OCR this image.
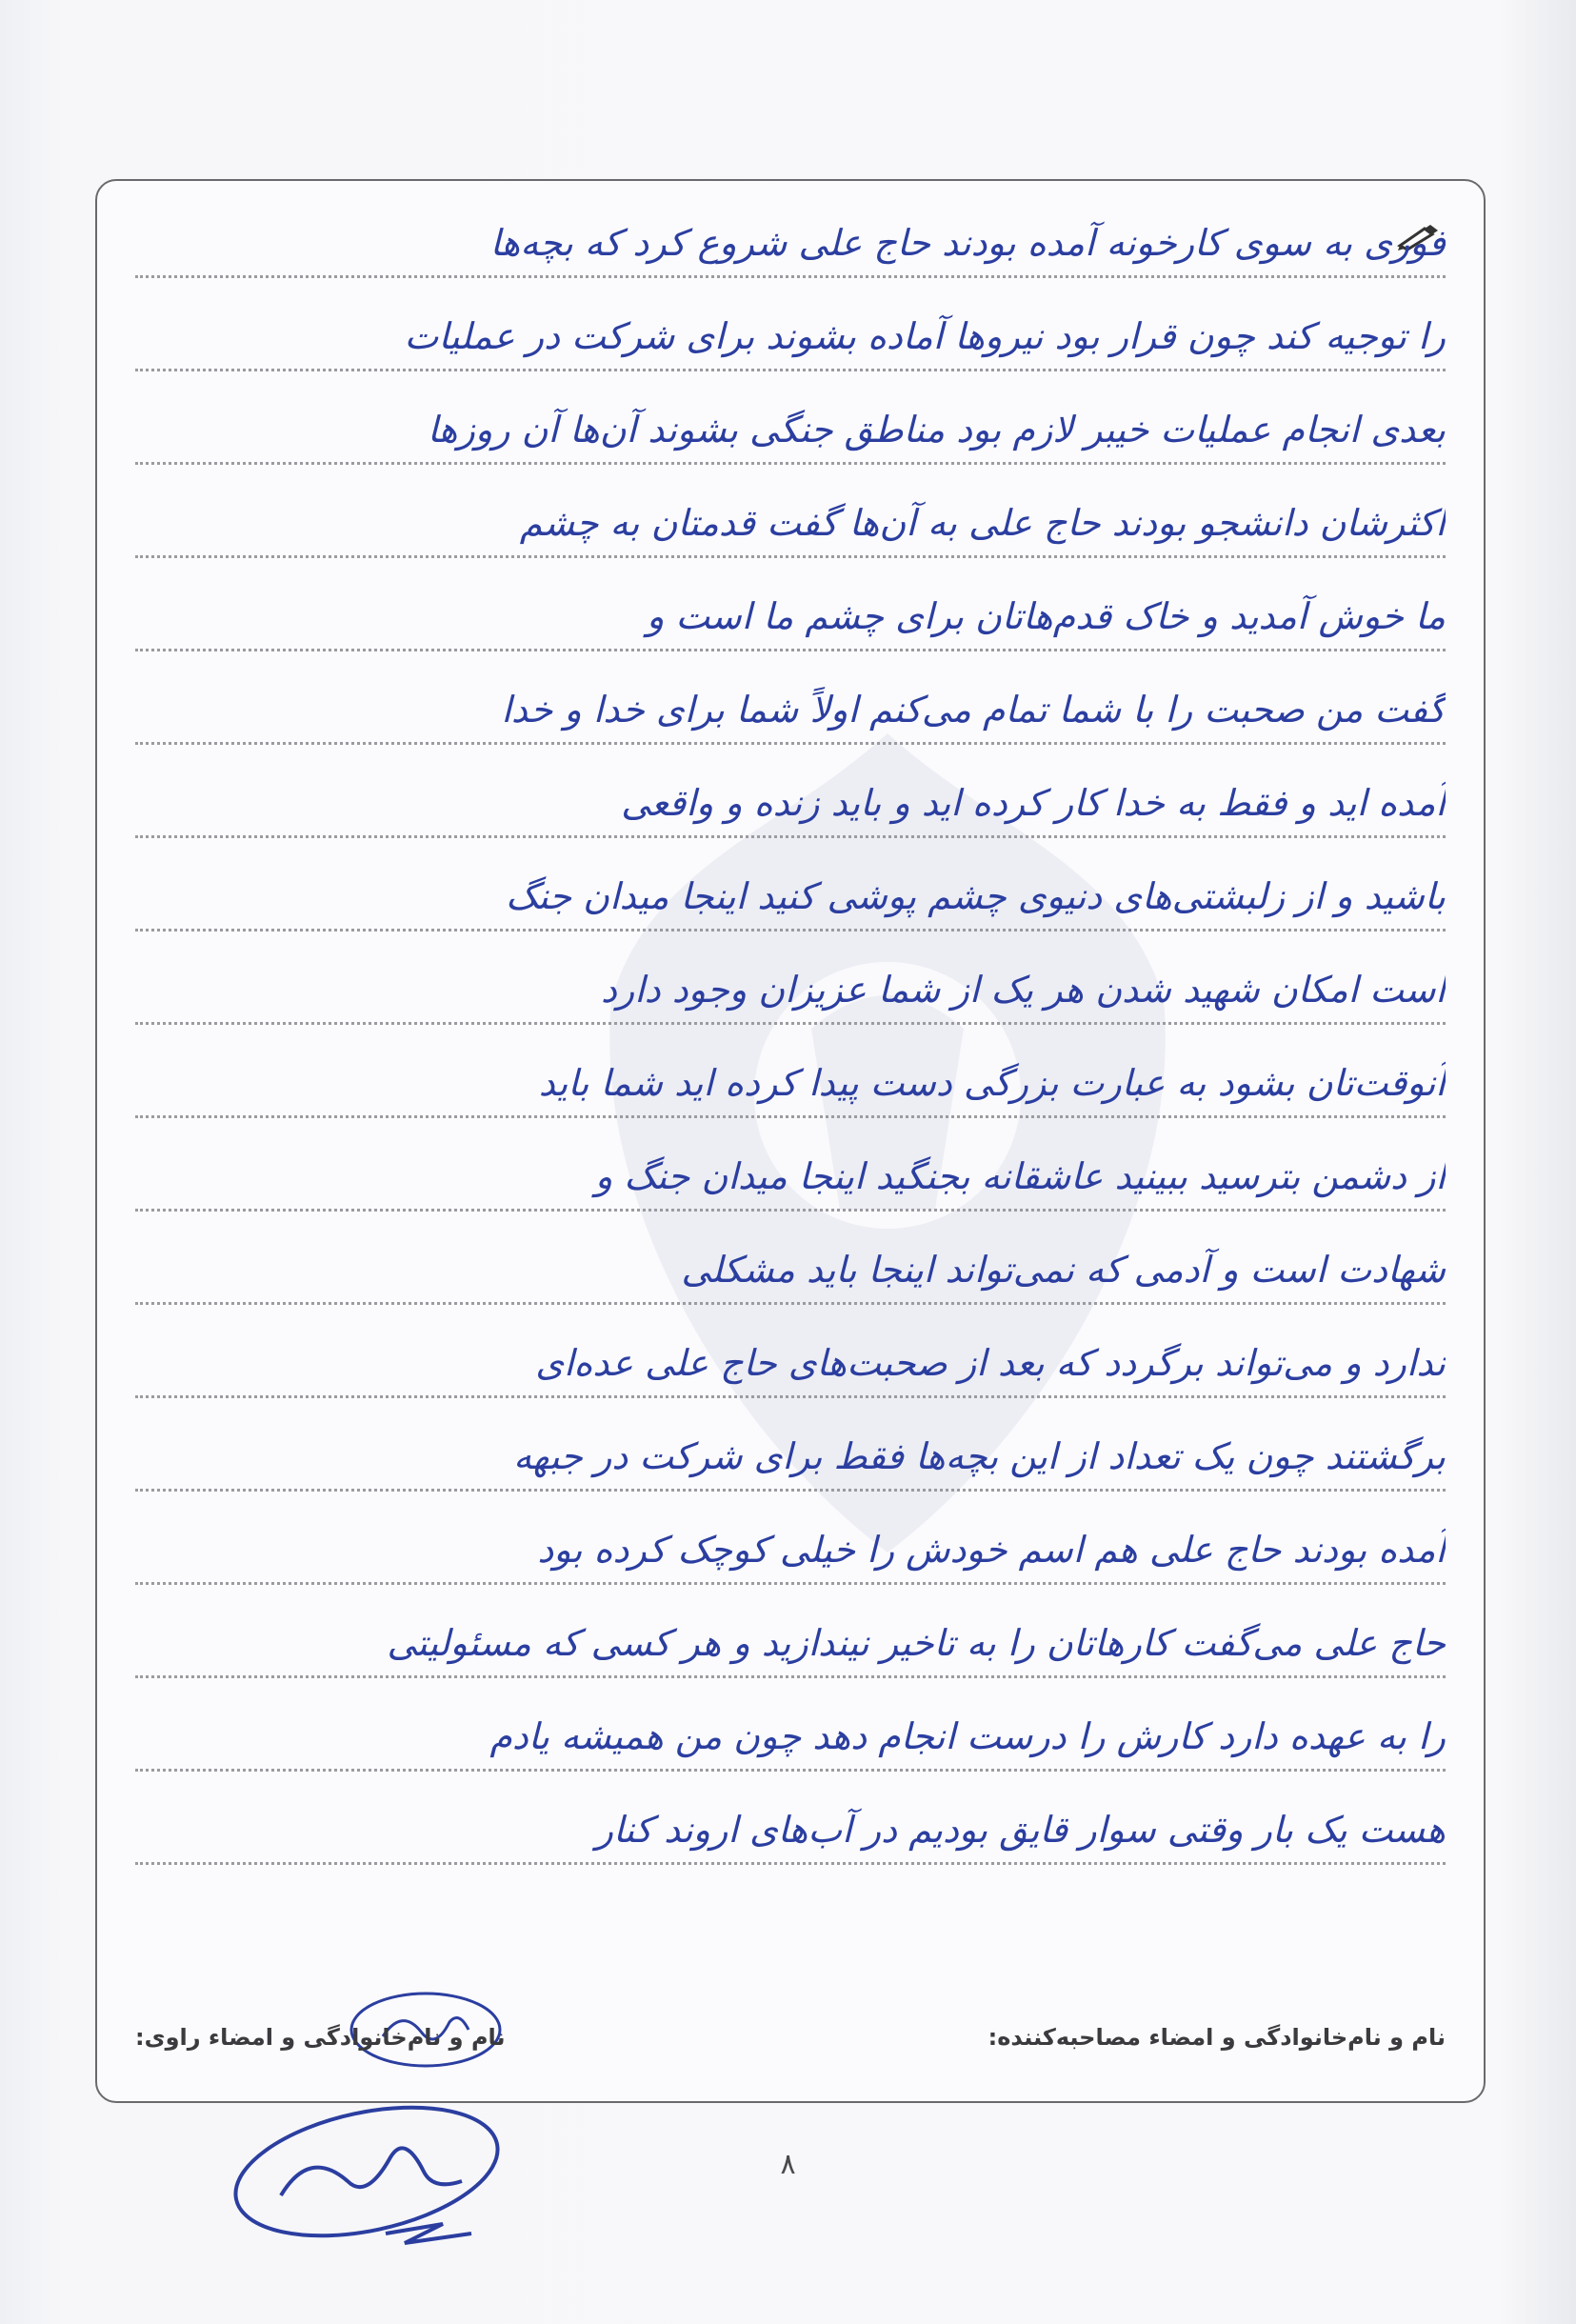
فوری به سوی کارخونه آمده بودند حاج علی شروع کرد که بچه‌ها
را توجیه کند چون قرار بود نیروها آماده بشوند برای شرکت در عملیات
بعدی انجام عملیات خیبر لازم بود مناطق جنگی بشوند آن‌ها آن روزها
اکثرشان دانشجو بودند حاج علی به آن‌ها گفت قدمتان به چشم
ما خوش آمدید و خاک قدم‌هاتان برای چشم ما است و
گفت من صحبت را با شما تمام می‌کنم اولاً شما برای خدا و خدا
آمده اید و فقط به خدا کار کرده اید و باید زنده و واقعی
باشید و از زلبشتی‌های دنیوی چشم پوشی کنید اینجا میدان جنگ
است امکان شهید شدن هر یک از شما عزیزان وجود دارد
آنوقت‌تان بشود به عبارت بزرگی دست پیدا کرده اید شما باید
از دشمن بترسید ببینید عاشقانه بجنگید اینجا میدان جنگ و
شهادت است و آدمی که نمی‌تواند اینجا باید مشکلی
ندارد و می‌تواند برگردد که بعد از صحبت‌های حاج علی عده‌ای
برگشتند چون یک تعداد از این بچه‌ها فقط برای شرکت در جبهه
آمده بودند حاج علی هم اسم خودش را خیلی کوچک کرده بود
حاج علی می‌گفت کارهاتان را به تاخیر نیندازید و هر کسی که مسئولیتی
را به عهده دارد کارش را درست انجام دهد چون من همیشه یادم
هست یک بار وقتی سوار قایق بودیم در آب‌های اروند کنار
نام و نام‌خانوادگی و امضاء مصاحبه‌کننده:
نام و نام‌خانوادگی و امضاء راوی:
۸
